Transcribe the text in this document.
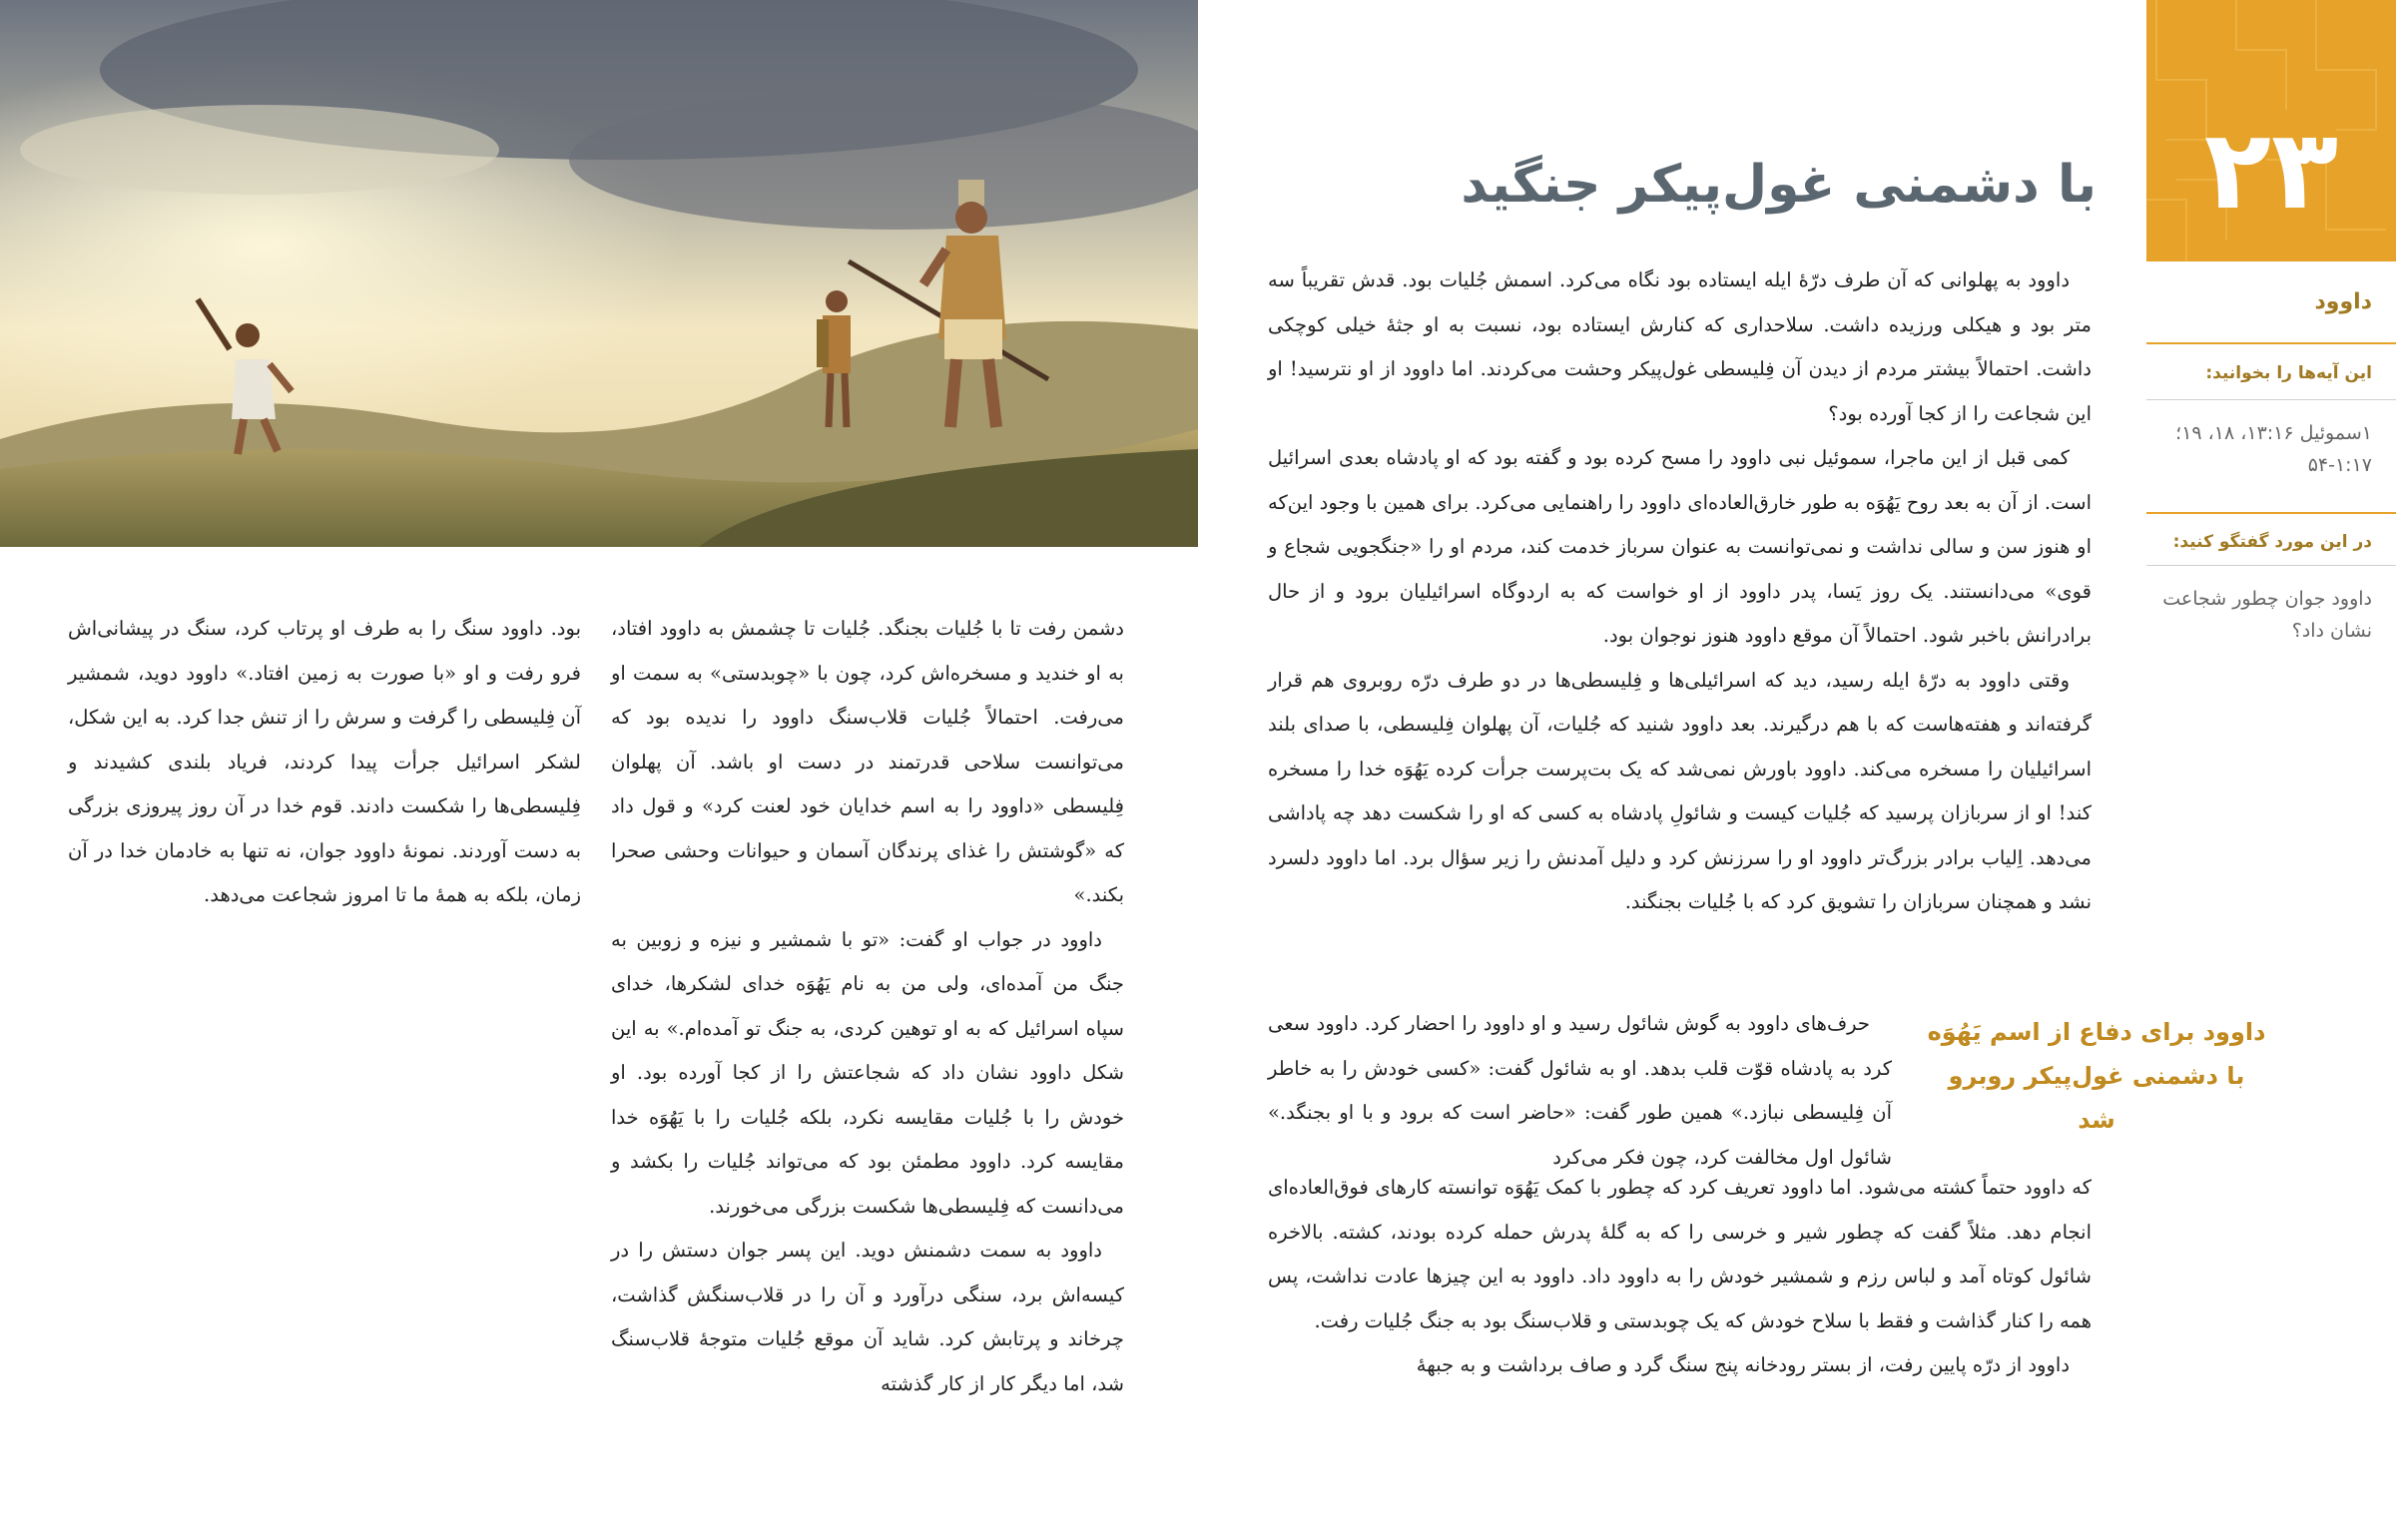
۲۳
با دشمنی غول‌پیکر جنگید
داوود
این آیه‌ها را بخوانید:
۱سموئیل ۱۳:۱۶، ۱۸، ۱۹؛ ۱:۱۷-۵۴
در این مورد گفتگو کنید:
داوود جوان چطور شجاعت نشان داد؟
داوود برای دفاع از اسم یَهُوَه با دشمنی غول‌پیکر روبرو شد

داوود به پهلوانی که آن طرف درّهٔ ایله ایستاده بود نگاه می‌کرد. اسمش جُلیات بود. قدش تقریباً سه متر بود و هیکلی ورزیده داشت. سلاحداری که کنارش ایستاده بود، نسبت به او جثهٔ خیلی کوچکی داشت. احتمالاً بیشتر مردم از دیدن آن فِلیسطی غول‌پیکر وحشت می‌کردند. اما داوود از او نترسید! او این شجاعت را از کجا آورده بود؟

کمی قبل از این ماجرا، سموئیل نبی داوود را مسح کرده بود و گفته بود که او پادشاه بعدی اسرائیل است. از آن به بعد روح یَهُوَه به طور خارق‌العاده‌ای داوود را راهنمایی می‌کرد. برای همین با وجود این‌که او هنوز سن و سالی نداشت و نمی‌توانست به عنوان سرباز خدمت کند، مردم او را «جنگجویی شجاع و قوی» می‌دانستند. یک روز یَسا، پدر داوود از او خواست که به اردوگاه اسرائیلیان برود و از حال برادرانش باخبر شود. احتمالاً آن موقع داوود هنوز نوجوان بود.

وقتی داوود به درّهٔ ایله رسید، دید که اسرائیلی‌ها و فِلیسطی‌ها در دو طرف درّه روبروی هم قرار گرفته‌اند و هفته‌هاست که با هم درگیرند. بعد داوود شنید که جُلیات، آن پهلوان فِلیسطی، با صدای بلند اسرائیلیان را مسخره می‌کند. داوود باورش نمی‌شد که یک بت‌پرست جرأت کرده یَهُوَه خدا را مسخره کند! او از سربازان پرسید که جُلیات کیست و شائولِ پادشاه به کسی که او را شکست دهد چه پاداشی می‌دهد. اِلیاب برادر بزرگ‌تر داوود او را سرزنش کرد و دلیل آمدنش را زیر سؤال برد. اما داوود دلسرد نشد و همچنان سربازان را تشویق کرد که با جُلیات بجنگند.

حرف‌های داوود به گوش شائول رسید و او داوود را احضار کرد. داوود سعی کرد به پادشاه قوّت قلب بدهد. او به شائول گفت: «کسی خودش را به خاطر آن فِلیسطی نبازد.» همین طور گفت: «حاضر است که برود و با او بجنگد.» شائول اول مخالفت کرد، چون فکر می‌کرد

که داوود حتماً کشته می‌شود. اما داوود تعریف کرد که چطور با کمک یَهُوَه توانسته کارهای فوق‌العاده‌ای انجام دهد. مثلاً گفت که چطور شیر و خرسی را که به گلهٔ پدرش حمله کرده بودند، کشته. بالاخره شائول کوتاه آمد و لباس رزم و شمشیر خودش را به داوود داد. داوود به این چیزها عادت نداشت، پس همه را کنار گذاشت و فقط با سلاح خودش که یک چوبدستی و قلاب‌سنگ بود به جنگ جُلیات رفت.

داوود از درّه پایین رفت، از بستر رودخانه پنج سنگ گرد و صاف برداشت و به جبههٔ

دشمن رفت تا با جُلیات بجنگد. جُلیات تا چشمش به داوود افتاد، به او خندید و مسخره‌اش کرد، چون با «چوبدستی» به سمت او می‌رفت. احتمالاً جُلیات قلاب‌سنگ داوود را ندیده بود که می‌توانست سلاحی قدرتمند در دست او باشد. آن پهلوان فِلیسطی «داوود را به اسم خدایان خود لعنت کرد» و قول داد که «گوشتش را غذای پرندگان آسمان و حیوانات وحشی صحرا بکند.»

داوود در جواب او گفت: «تو با شمشیر و نیزه و زوبین به جنگ من آمده‌ای، ولی من به نام یَهُوَه خدای لشکرها، خدای سپاه اسرائیل که به او توهین کردی، به جنگ تو آمده‌ام.» به این شکل داوود نشان داد که شجاعتش را از کجا آورده بود. او خودش را با جُلیات مقایسه نکرد، بلکه جُلیات را با یَهُوَه خدا مقایسه کرد. داوود مطمئن بود که می‌تواند جُلیات را بکشد و می‌دانست که فِلیسطی‌ها شکست بزرگی می‌خورند.

داوود به سمت دشمنش دوید. این پسر جوان دستش را در کیسه‌اش برد، سنگی درآورد و آن را در قلاب‌سنگش گذاشت، چرخاند و پرتابش کرد. شاید آن موقع جُلیات متوجهٔ قلاب‌سنگ شد، اما دیگر کار از کار گذشته

بود. داوود سنگ را به طرف او پرتاب کرد، سنگ در پیشانی‌اش فرو رفت و او «با صورت به زمین افتاد.» داوود دوید، شمشیر آن فِلیسطی را گرفت و سرش را از تنش جدا کرد. به این شکل، لشکر اسرائیل جرأت پیدا کردند، فریاد بلندی کشیدند و فِلیسطی‌ها را شکست دادند. قوم خدا در آن روز پیروزی بزرگی به دست آوردند. نمونهٔ داوود جوان، نه تنها به خادمان خدا در آن زمان، بلکه به همهٔ ما تا امروز شجاعت می‌دهد.
